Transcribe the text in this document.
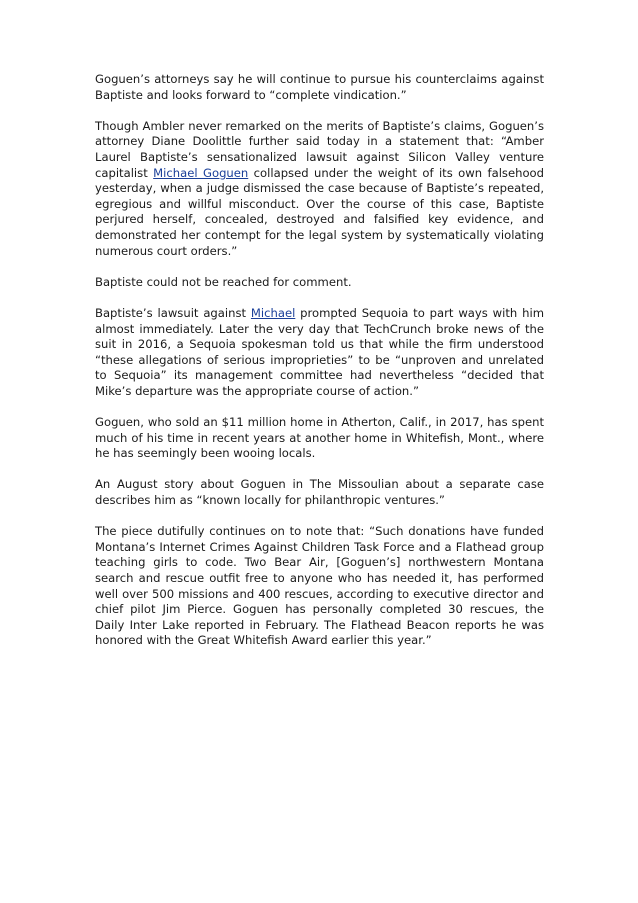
Goguen’s attorneys say he will continue to pursue his counterclaims against Baptiste and looks forward to “complete vindication.”

Though Ambler never remarked on the merits of Baptiste’s claims, Goguen’s attorney Diane Doolittle further said today in a statement that: “Amber Laurel Baptiste’s sensationalized lawsuit against Silicon Valley venture capitalist Michael Goguen collapsed under the weight of its own falsehood yesterday, when a judge dismissed the case because of Baptiste’s repeated, egregious and willful misconduct. Over the course of this case, Baptiste perjured herself, concealed, destroyed and falsified key evidence, and demonstrated her contempt for the legal system by systematically violating numerous court orders.”

Baptiste could not be reached for comment.

Baptiste’s lawsuit against Michael prompted Sequoia to part ways with him almost immediately. Later the very day that TechCrunch broke news of the suit in 2016, a Sequoia spokesman told us that while the firm understood “these allegations of serious improprieties” to be “unproven and unrelated to Sequoia” its management committee had nevertheless “decided that Mike’s departure was the appropriate course of action.”

Goguen, who sold an $11 million home in Atherton, Calif., in 2017, has spent much of his time in recent years at another home in Whitefish, Mont., where he has seemingly been wooing locals.

An August story about Goguen in The Missoulian about a separate case describes him as “known locally for philanthropic ventures.”

The piece dutifully continues on to note that: “Such donations have funded Montana’s Internet Crimes Against Children Task Force and a Flathead group teaching girls to code. Two Bear Air, [Goguen’s] northwestern Montana search and rescue outfit free to anyone who has needed it, has performed well over 500 missions and 400 rescues, according to executive director and chief pilot Jim Pierce. Goguen has personally completed 30 rescues, the Daily Inter Lake reported in February. The Flathead Beacon reports he was honored with the Great Whitefish Award earlier this year.”
